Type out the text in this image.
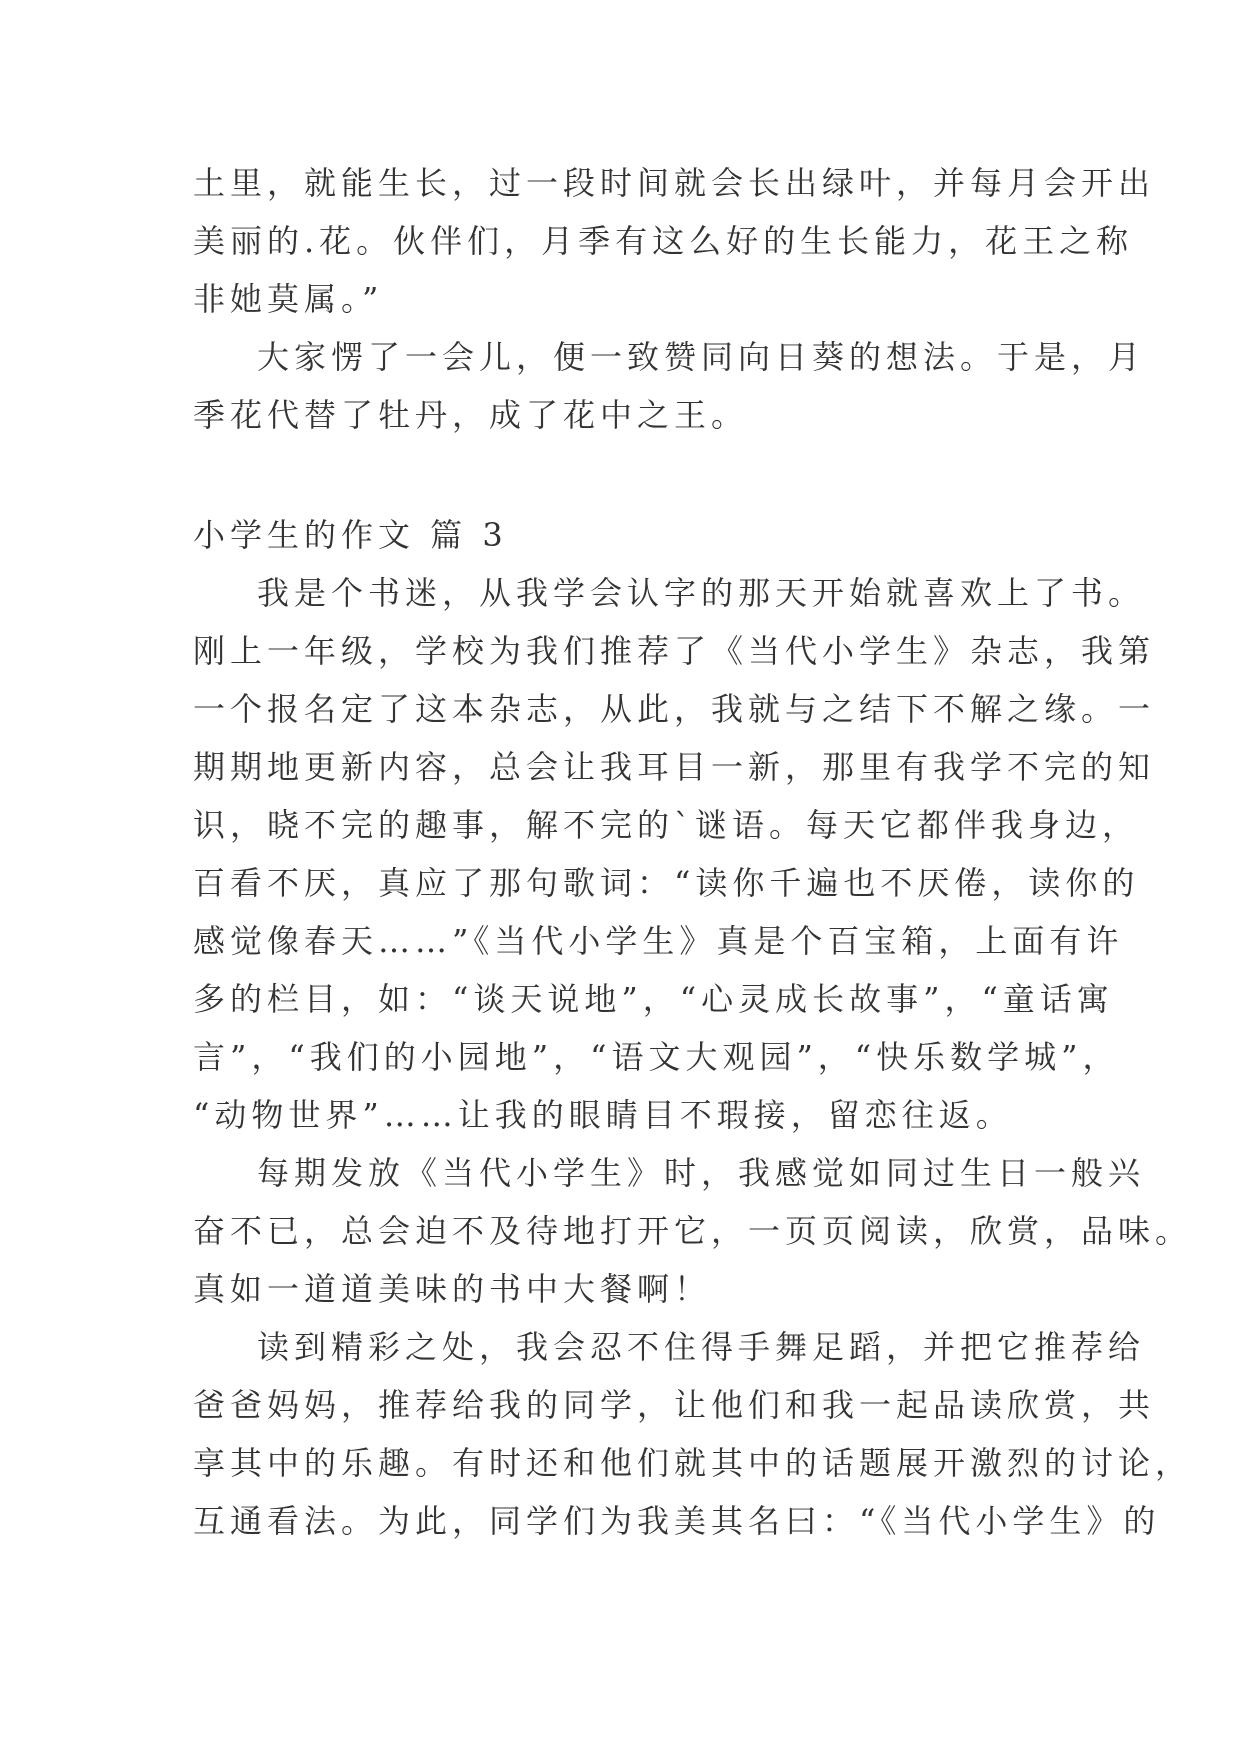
土里，就能生长，过一段时间就会长出绿叶，并每月会开出
美丽的.花。伙伴们，月季有这么好的生长能力，花王之称
非她莫属。”
大家愣了一会儿，便一致赞同向日葵的想法。于是，月
季花代替了牡丹，成了花中之王。
小学生的作文 篇 3
我是个书迷，从我学会认字的那天开始就喜欢上了书。
刚上一年级，学校为我们推荐了《当代小学生》杂志，我第
一个报名定了这本杂志，从此，我就与之结下不解之缘。一
期期地更新内容，总会让我耳目一新，那里有我学不完的知
识，晓不完的趣事，解不完的`谜语。每天它都伴我身边，
百看不厌，真应了那句歌词：“读你千遍也不厌倦，读你的
感觉像春天……”《当代小学生》真是个百宝箱，上面有许
多的栏目，如：“谈天说地”，“心灵成长故事”，“童话寓
言”，“我们的小园地”，“语文大观园”，“快乐数学城”，
“动物世界”……让我的眼睛目不瑕接，留恋往返。
每期发放《当代小学生》时，我感觉如同过生日一般兴
奋不已，总会迫不及待地打开它，一页页阅读，欣赏，品味。
真如一道道美味的书中大餐啊！
读到精彩之处，我会忍不住得手舞足蹈，并把它推荐给
爸爸妈妈，推荐给我的同学，让他们和我一起品读欣赏，共
享其中的乐趣。有时还和他们就其中的话题展开激烈的讨论，
互通看法。为此，同学们为我美其名曰：“《当代小学生》的
